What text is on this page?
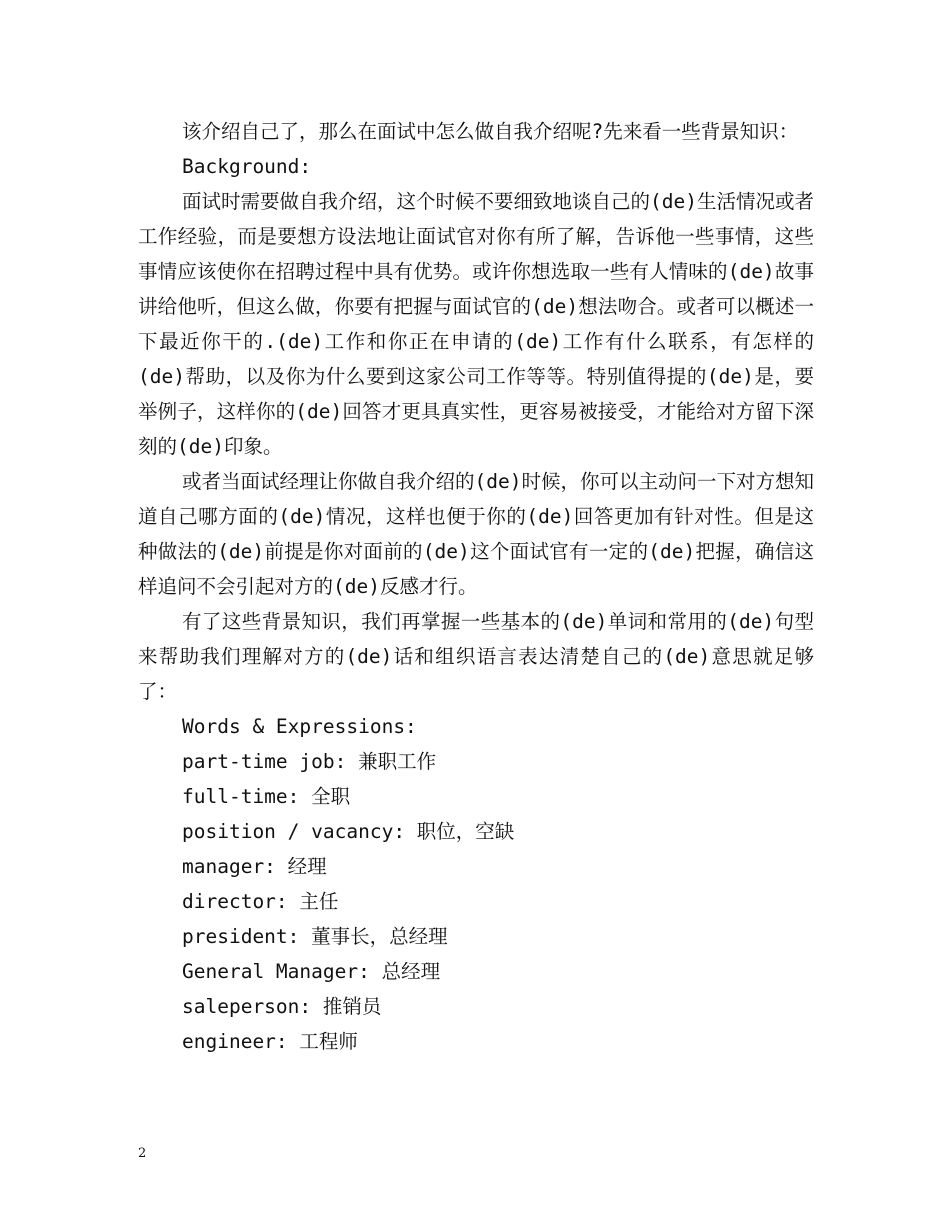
该介绍自己了，那么在面试中怎么做自我介绍呢?先来看一些背景知识：

Background:

面试时需要做自我介绍，这个时候不要细致地谈自己的(de)生活情况或者工作经验，而是要想方设法地让面试官对你有所了解，告诉他一些事情，这些事情应该使你在招聘过程中具有优势。或许你想选取一些有人情味的(de)故事讲给他听，但这么做，你要有把握与面试官的(de)想法吻合。或者可以概述一下最近你干的.(de)工作和你正在申请的(de)工作有什么联系，有怎样的(de)帮助，以及你为什么要到这家公司工作等等。特别值得提的(de)是，要举例子，这样你的(de)回答才更具真实性，更容易被接受，才能给对方留下深刻的(de)印象。

或者当面试经理让你做自我介绍的(de)时候，你可以主动问一下对方想知道自己哪方面的(de)情况，这样也便于你的(de)回答更加有针对性。但是这种做法的(de)前提是你对面前的(de)这个面试官有一定的(de)把握，确信这样追问不会引起对方的(de)反感才行。

有了这些背景知识，我们再掌握一些基本的(de)单词和常用的(de)句型来帮助我们理解对方的(de)话和组织语言表达清楚自己的(de)意思就足够了：

Words & Expressions:

part-time job: 兼职工作

full-time: 全职

position / vacancy: 职位，空缺

manager: 经理

director: 主任

president: 董事长，总经理

General Manager: 总经理

saleperson: 推销员

engineer: 工程师

2
